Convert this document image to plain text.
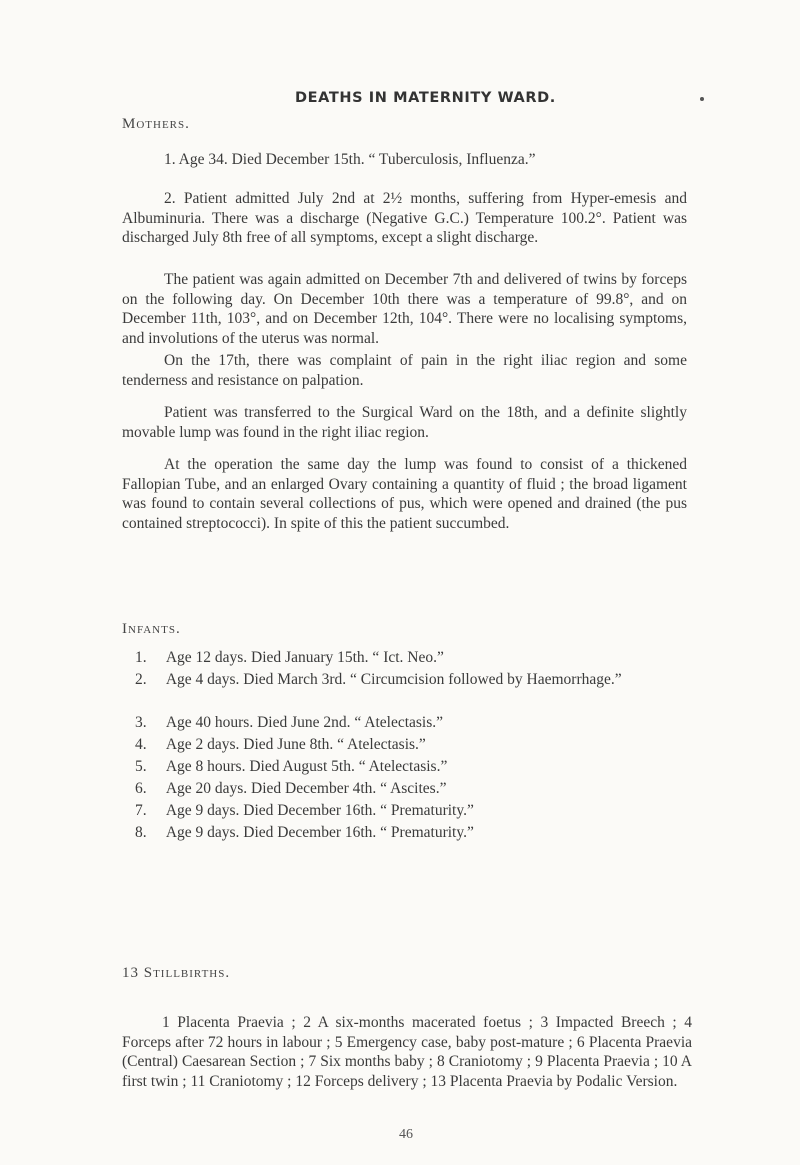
DEATHS IN MATERNITY WARD.
Mothers.

1. Age 34. Died December 15th. “ Tuberculosis, Influenza.”

2. Patient admitted July 2nd at 2½ months, suffering from Hyper-emesis and Albuminuria. There was a discharge (Negative G.C.) Temperature 100.2°. Patient was discharged July 8th free of all symptoms, except a slight discharge.

The patient was again admitted on December 7th and delivered of twins by forceps on the following day. On December 10th there was a temperature of 99.8°, and on December 11th, 103°, and on December 12th, 104°. There were no localising symptoms, and involutions of the uterus was normal.

On the 17th, there was complaint of pain in the right iliac region and some tenderness and resistance on palpation.

Patient was transferred to the Surgical Ward on the 18th, and a definite slightly movable lump was found in the right iliac region.

At the operation the same day the lump was found to consist of a thickened Fallopian Tube, and an enlarged Ovary containing a quantity of fluid ; the broad ligament was found to contain several collections of pus, which were opened and drained (the pus contained streptococci). In spite of this the patient succumbed.

Infants.
1.	Age 12 days. Died January 15th. “ Ict. Neo.”
2.	Age 4 days. Died March 3rd. “ Circumcision followed by Haemorrhage.”
3.	Age 40 hours. Died June 2nd. “ Atelectasis.”
4.	Age 2 days. Died June 8th. “ Atelectasis.”
5.	Age 8 hours. Died August 5th. “ Atelectasis.”
6.	Age 20 days. Died December 4th. “ Ascites.”
7.	Age 9 days. Died December 16th. “ Prematurity.”
8.	Age 9 days. Died December 16th. “ Prematurity.”
13 Stillbirths.

1 Placenta Praevia ; 2 A six-months macerated foetus ; 3 Impacted Breech ; 4 Forceps after 72 hours in labour ; 5 Emergency case, baby post-mature ; 6 Placenta Praevia (Central) Caesarean Section ; 7 Six months baby ; 8 Craniotomy ; 9 Placenta Praevia ; 10 A first twin ; 11 Craniotomy ; 12 Forceps delivery ; 13 Placenta Praevia by Podalic Version.

46
